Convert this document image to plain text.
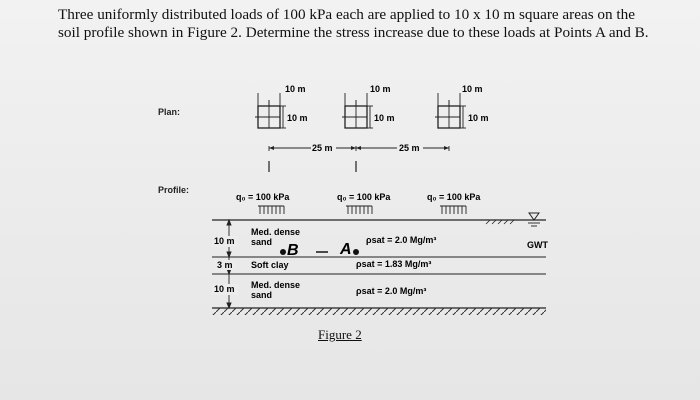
Three uniformly distributed loads of 100 kPa each are applied to 10 x 10 m square areas on the soil profile shown in Figure 2. Determine the stress increase due to these loads at Points A and B.

Plan:

Profile:

10 m
10 m
10 m
10 m
10 m
10 m
25 m	25 m
q₀ = 100 kPa	q₀ = 100 kPa	q₀ = 100 kPa
GWT
10 m
3 m
10 m
Med. dense
sand
Soft clay
Med. dense
sand
ρsat = 2.0 Mg/m³
ρsat = 1.83 Mg/m³
ρsat = 2.0 Mg/m³
B	A
Figure 2
